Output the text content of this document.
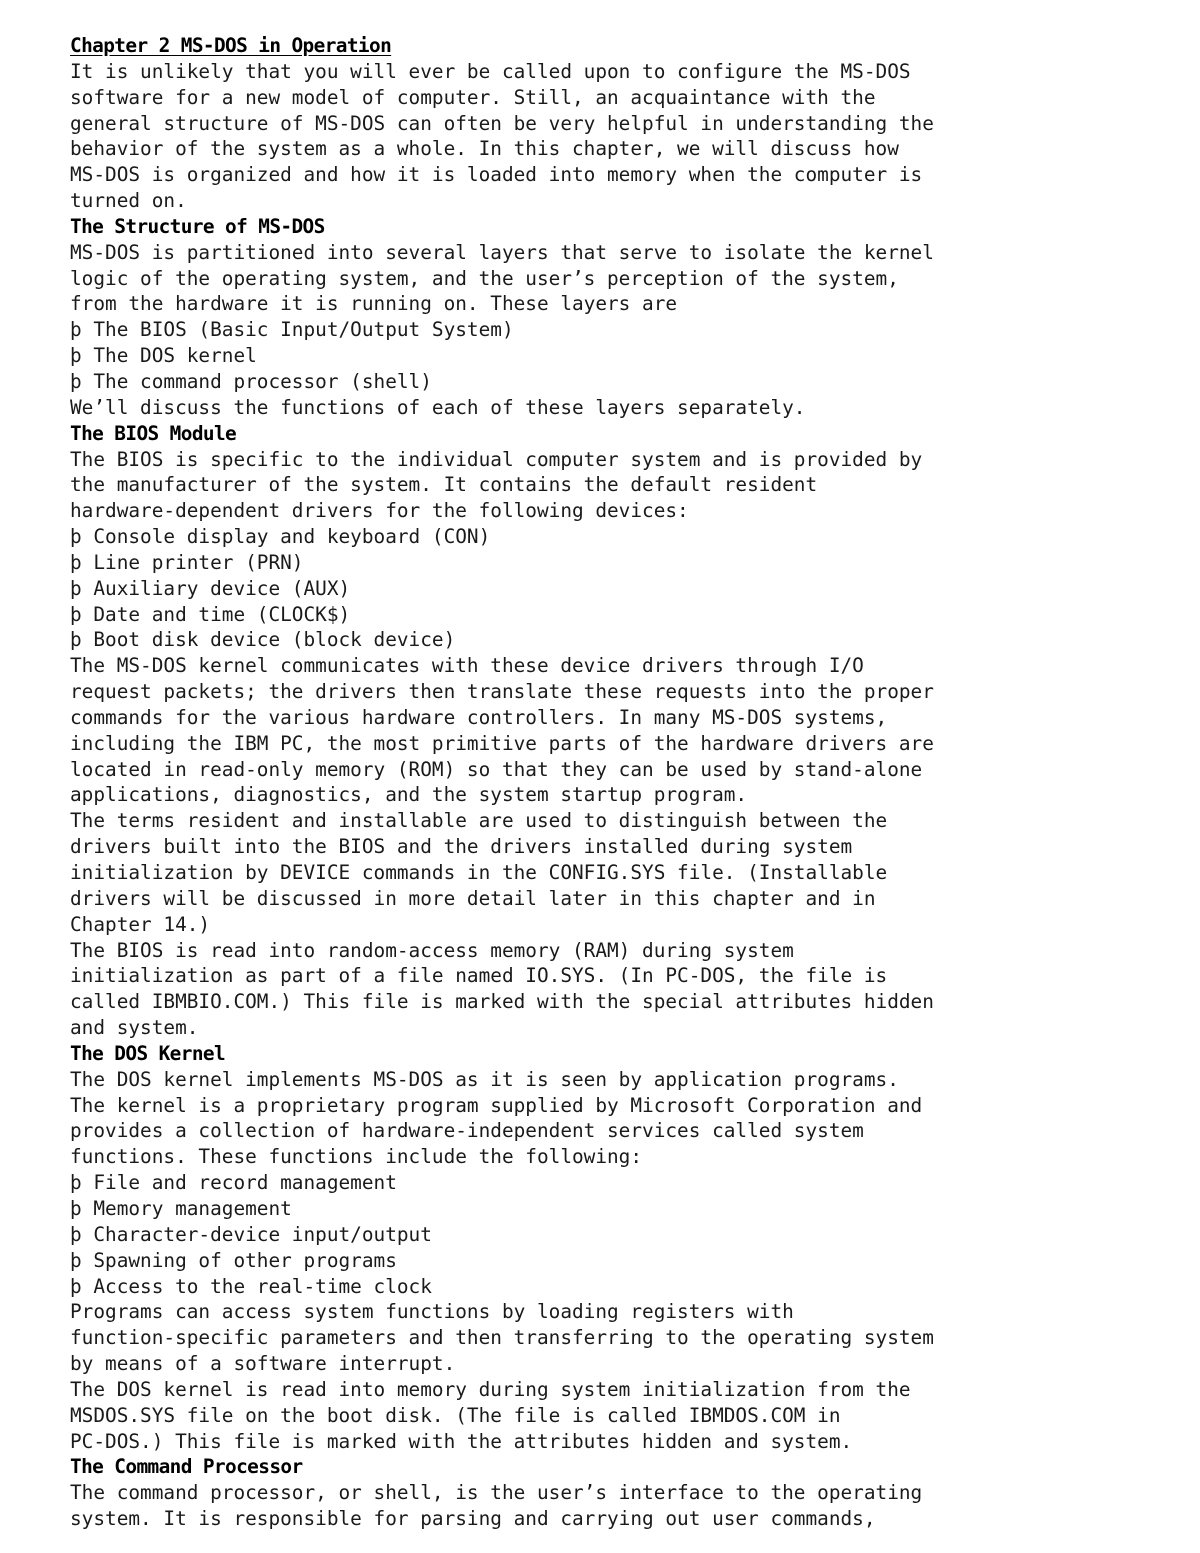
Chapter 2 MS-DOS in Operation
It is unlikely that you will ever be called upon to configure the MS-DOS
software for a new model of computer. Still, an acquaintance with the
general structure of MS-DOS can often be very helpful in understanding the
behavior of the system as a whole. In this chapter, we will discuss how
MS-DOS is organized and how it is loaded into memory when the computer is
turned on.
The Structure of MS-DOS
MS-DOS is partitioned into several layers that serve to isolate the kernel
logic of the operating system, and the user’s perception of the system,
from the hardware it is running on. These layers are
þ The BIOS (Basic Input/Output System)
þ The DOS kernel
þ The command processor (shell)
We’ll discuss the functions of each of these layers separately.
The BIOS Module
The BIOS is specific to the individual computer system and is provided by
the manufacturer of the system. It contains the default resident
hardware-dependent drivers for the following devices:
þ Console display and keyboard (CON)
þ Line printer (PRN)
þ Auxiliary device (AUX)
þ Date and time (CLOCK$)
þ Boot disk device (block device)
The MS-DOS kernel communicates with these device drivers through I/O
request packets; the drivers then translate these requests into the proper
commands for the various hardware controllers. In many MS-DOS systems,
including the IBM PC, the most primitive parts of the hardware drivers are
located in read-only memory (ROM) so that they can be used by stand-alone
applications, diagnostics, and the system startup program.
The terms resident and installable are used to distinguish between the
drivers built into the BIOS and the drivers installed during system
initialization by DEVICE commands in the CONFIG.SYS file. (Installable
drivers will be discussed in more detail later in this chapter and in
Chapter 14.)
The BIOS is read into random-access memory (RAM) during system
initialization as part of a file named IO.SYS. (In PC-DOS, the file is
called IBMBIO.COM.) This file is marked with the special attributes hidden
and system.
The DOS Kernel
The DOS kernel implements MS-DOS as it is seen by application programs.
The kernel is a proprietary program supplied by Microsoft Corporation and
provides a collection of hardware-independent services called system
functions. These functions include the following:
þ File and record management
þ Memory management
þ Character-device input/output
þ Spawning of other programs
þ Access to the real-time clock
Programs can access system functions by loading registers with
function-specific parameters and then transferring to the operating system
by means of a software interrupt.
The DOS kernel is read into memory during system initialization from the
MSDOS.SYS file on the boot disk. (The file is called IBMDOS.COM in
PC-DOS.) This file is marked with the attributes hidden and system.
The Command Processor
The command processor, or shell, is the user’s interface to the operating
system. It is responsible for parsing and carrying out user commands,
